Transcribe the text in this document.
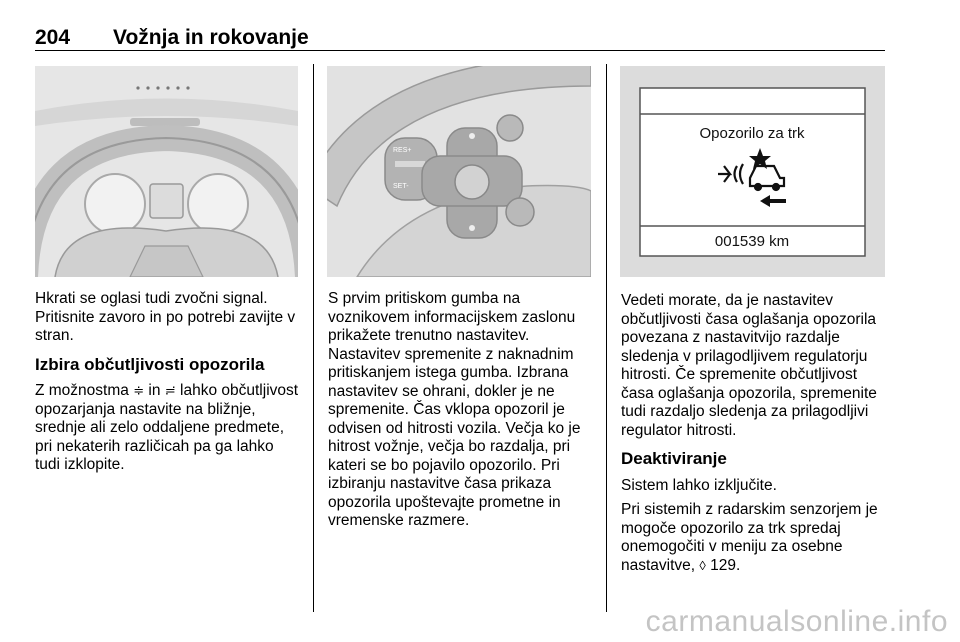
204 Vožnja in rokovanje
RES+
SET-
Opozorilo za trk
001539 km

Hkrati se oglasi tudi zvočni signal. Pritisnite zavoro in po potrebi zavijte v stran.

Izbira občutljivosti opozorila

Z možnostma ≑ in ≓ lahko občutljivost opozarjanja nastavite na bližnje, srednje ali zelo oddaljene predmete, pri nekaterih različicah pa ga lahko tudi izklopite.

S prvim pritiskom gumba na voznikovem informacijskem zaslonu prikažete trenutno nastavitev. Nastavitev spremenite z naknadnim pritiskanjem istega gumba. Izbrana nastavitev se ohrani, dokler je ne spremenite. Čas vklopa opozoril je odvisen od hitrosti vozila. Večja ko je hitrost vožnje, večja bo razdalja, pri kateri se bo pojavilo opozorilo. Pri izbiranju nastavitve časa prikaza opozorila upoštevajte prometne in vremenske razmere.

Vedeti morate, da je nastavitev občutljivosti časa oglašanja opozorila povezana z nastavitvijo razdalje sledenja v prilagodljivem regulatorju hitrosti. Če spremenite občutljivost časa oglašanja opozorila, spremenite tudi razdaljo sledenja za prilagodljivi regulator hitrosti.

Deaktiviranje

Sistem lahko izključite.

Pri sistemih z radarskim senzorjem je mogoče opozorilo za trk spredaj onemogočiti v meniju za osebne nastavitve, ◊ 129.

carmanualsonline.info
